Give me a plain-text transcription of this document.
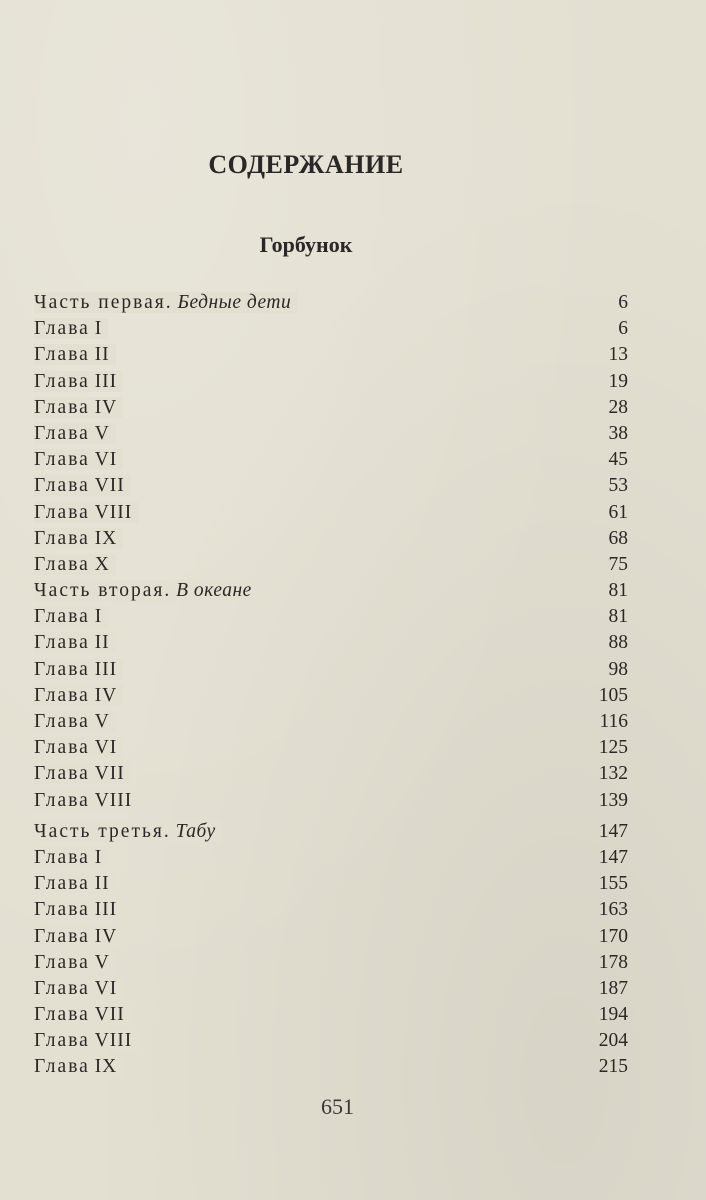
СОДЕРЖАНИЕ
Горбунок
Часть первая. Бедные дети	6
Глава I	6
Глава II	13
Глава III	19
Глава IV	28
Глава V	38
Глава VI	45
Глава VII	53
Глава VIII	61
Глава IX	68
Глава X	75
Часть вторая. В океане	81
Глава I	81
Глава II	88
Глава III	98
Глава IV	105
Глава V	116
Глава VI	125
Глава VII	132
Глава VIII	139
Часть третья. Табу	147
Глава I	147
Глава II	155
Глава III	163
Глава IV	170
Глава V	178
Глава VI	187
Глава VII	194
Глава VIII	204
Глава IX	215
651
